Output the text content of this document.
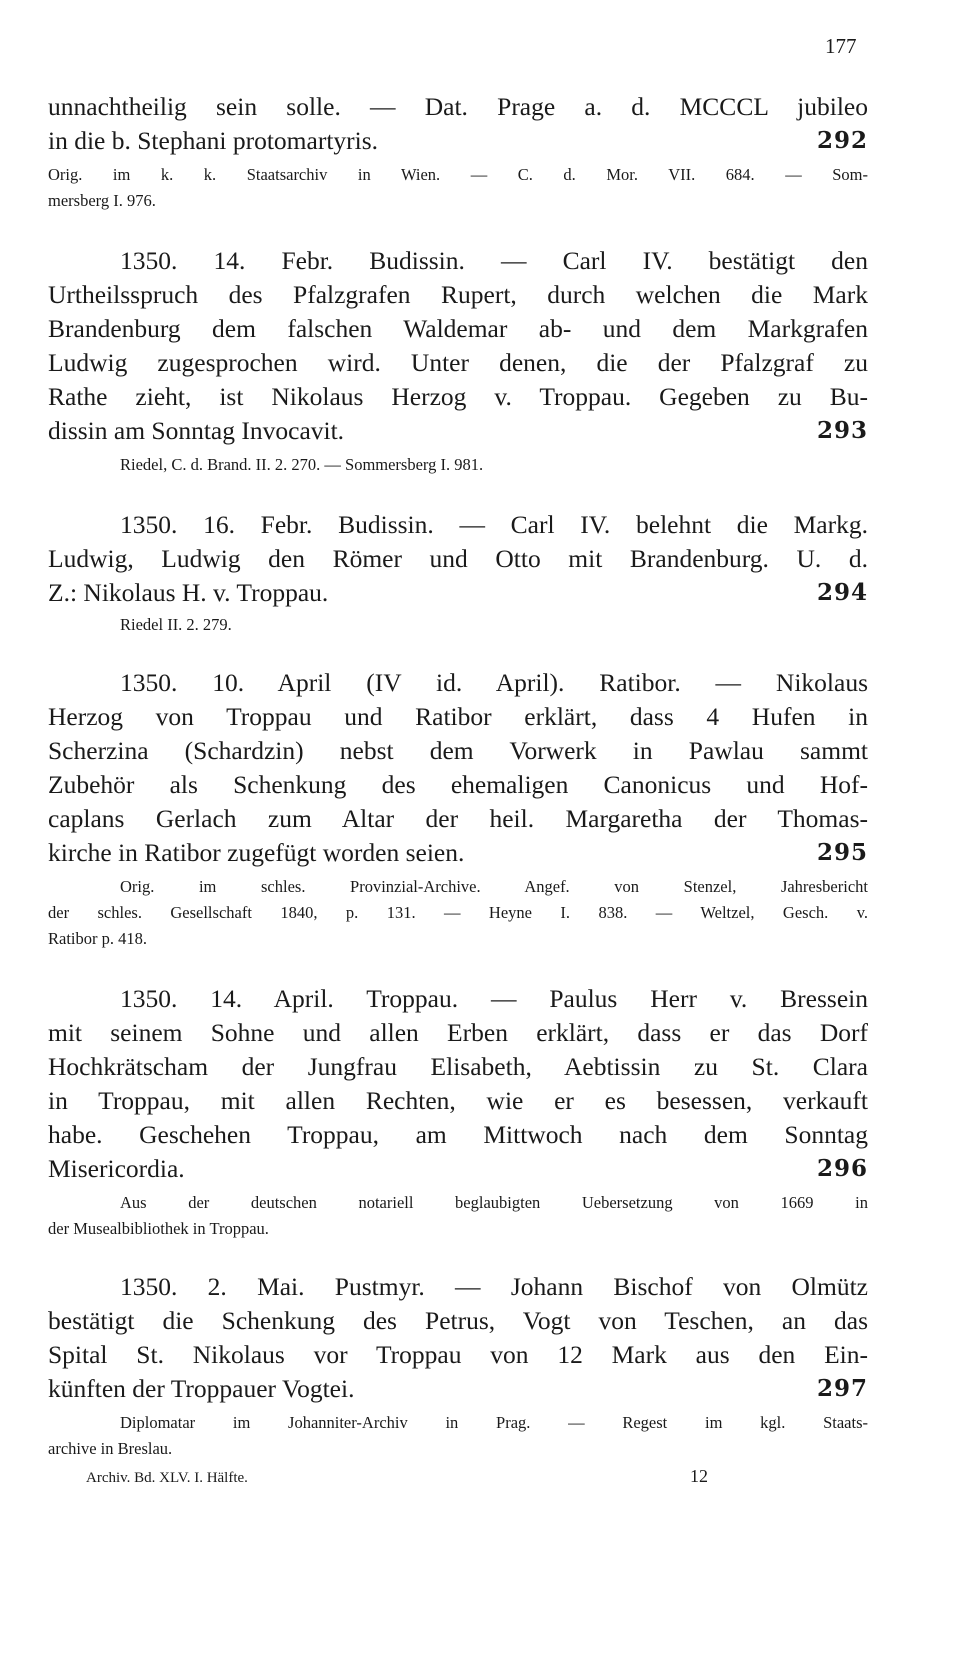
177
unnachtheilig sein solle. — Dat. Prage a. d. MCCCL jubileo
in die b. Stephani protomartyris.	292
Orig. im k. k. Staatsarchiv in Wien. — C. d. Mor. VII. 684. — Som-
mersberg I. 976.
1350. 14. Febr. Budissin. — Carl IV. bestätigt den
Urtheilsspruch des Pfalzgrafen Rupert, durch welchen die Mark
Brandenburg dem falschen Waldemar ab- und dem Markgrafen
Ludwig zugesprochen wird. Unter denen, die der Pfalzgraf zu
Rathe zieht, ist Nikolaus Herzog v. Troppau. Gegeben zu Bu-
dissin am Sonntag Invocavit.	293
Riedel, C. d. Brand. II. 2. 270. — Sommersberg I. 981.
1350. 16. Febr. Budissin. — Carl IV. belehnt die Markg.
Ludwig, Ludwig den Römer und Otto mit Brandenburg. U. d.
Z.: Nikolaus H. v. Troppau.	294
Riedel II. 2. 279.
1350. 10. April (IV id. April). Ratibor. — Nikolaus
Herzog von Troppau und Ratibor erklärt, dass 4 Hufen in
Scherzina (Schardzin) nebst dem Vorwerk in Pawlau sammt
Zubehör als Schenkung des ehemaligen Canonicus und Hof-
caplans Gerlach zum Altar der heil. Margaretha der Thomas-
kirche in Ratibor zugefügt worden seien.	295
Orig. im schles. Provinzial-Archive. Angef. von Stenzel, Jahresbericht
der schles. Gesellschaft 1840, p. 131. — Heyne I. 838. — Weltzel, Gesch. v.
Ratibor p. 418.
1350. 14. April. Troppau. — Paulus Herr v. Bressein
mit seinem Sohne und allen Erben erklärt, dass er das Dorf
Hochkrätscham der Jungfrau Elisabeth, Aebtissin zu St. Clara
in Troppau, mit allen Rechten, wie er es besessen, verkauft
habe. Geschehen Troppau, am Mittwoch nach dem Sonntag
Misericordia.	296
Aus der deutschen notariell beglaubigten Uebersetzung von 1669 in
der Musealbibliothek in Troppau.
1350. 2. Mai. Pustmyr. — Johann Bischof von Olmütz
bestätigt die Schenkung des Petrus, Vogt von Teschen, an das
Spital St. Nikolaus vor Troppau von 12 Mark aus den Ein-
künften der Troppauer Vogtei.	297
Diplomatar im Johanniter-Archiv in Prag. — Regest im kgl. Staats-
archive in Breslau.
Archiv. Bd. XLV. I. Hälfte.	12
